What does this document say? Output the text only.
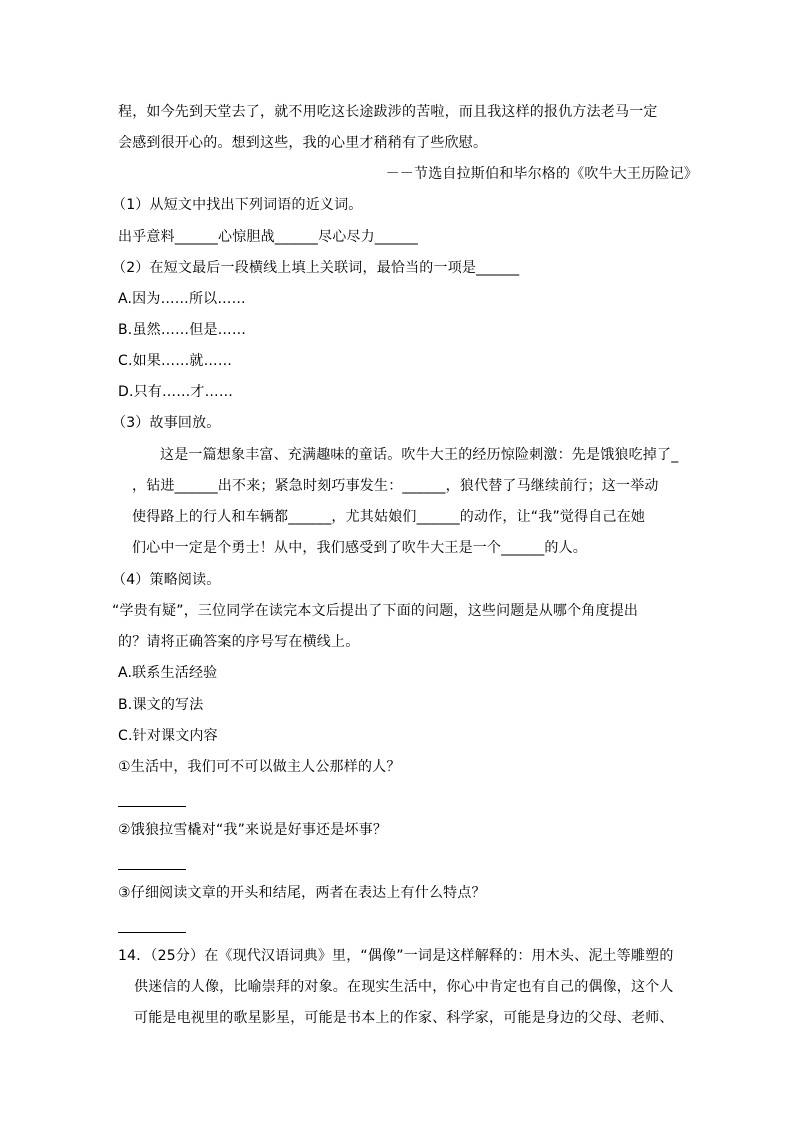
程，如今先到天堂去了，就不用吃这长途跋涉的苦啦，而且我这样的报仇方法老马一定
会感到很开心的。想到这些，我的心里才稍稍有了些欣慰。
－－节选自拉斯伯和毕尔格的《吹牛大王历险记》
（1）从短文中找出下列词语的近义词。
出乎意料______心惊胆战______尽心尽力______
（2）在短文最后一段横线上填上关联词，最恰当的一项是______
A.因为……所以……
B.虽然……但是……
C.如果……就……
D.只有……才……
（3）故事回放。
这是一篇想象丰富、充满趣味的童话。吹牛大王的经历惊险刺激：先是饿狼吃掉了_
，钻进______出不来；紧急时刻巧事发生：______，狼代替了马继续前行；这一举动
使得路上的行人和车辆都______，尤其姑娘们______的动作，让“我”觉得自己在她
们心中一定是个勇士！从中，我们感受到了吹牛大王是一个______的人。
（4）策略阅读。
“学贵有疑”，三位同学在读完本文后提出了下面的问题，这些问题是从哪个角度提出
的？请将正确答案的序号写在横线上。
A.联系生活经验
B.课文的写法
C.针对课文内容
①生活中，我们可不可以做主人公那样的人？
②饿狼拉雪橇对“我”来说是好事还是坏事？
③仔细阅读文章的开头和结尾，两者在表达上有什么特点？
14．（25分）在《现代汉语词典》里，“偶像”一词是这样解释的：用木头、泥土等雕塑的
供迷信的人像，比喻崇拜的对象。在现实生活中，你心中肯定也有自己的偶像，这个人
可能是电视里的歌星影星，可能是书本上的作家、科学家，可能是身边的父母、老师、
